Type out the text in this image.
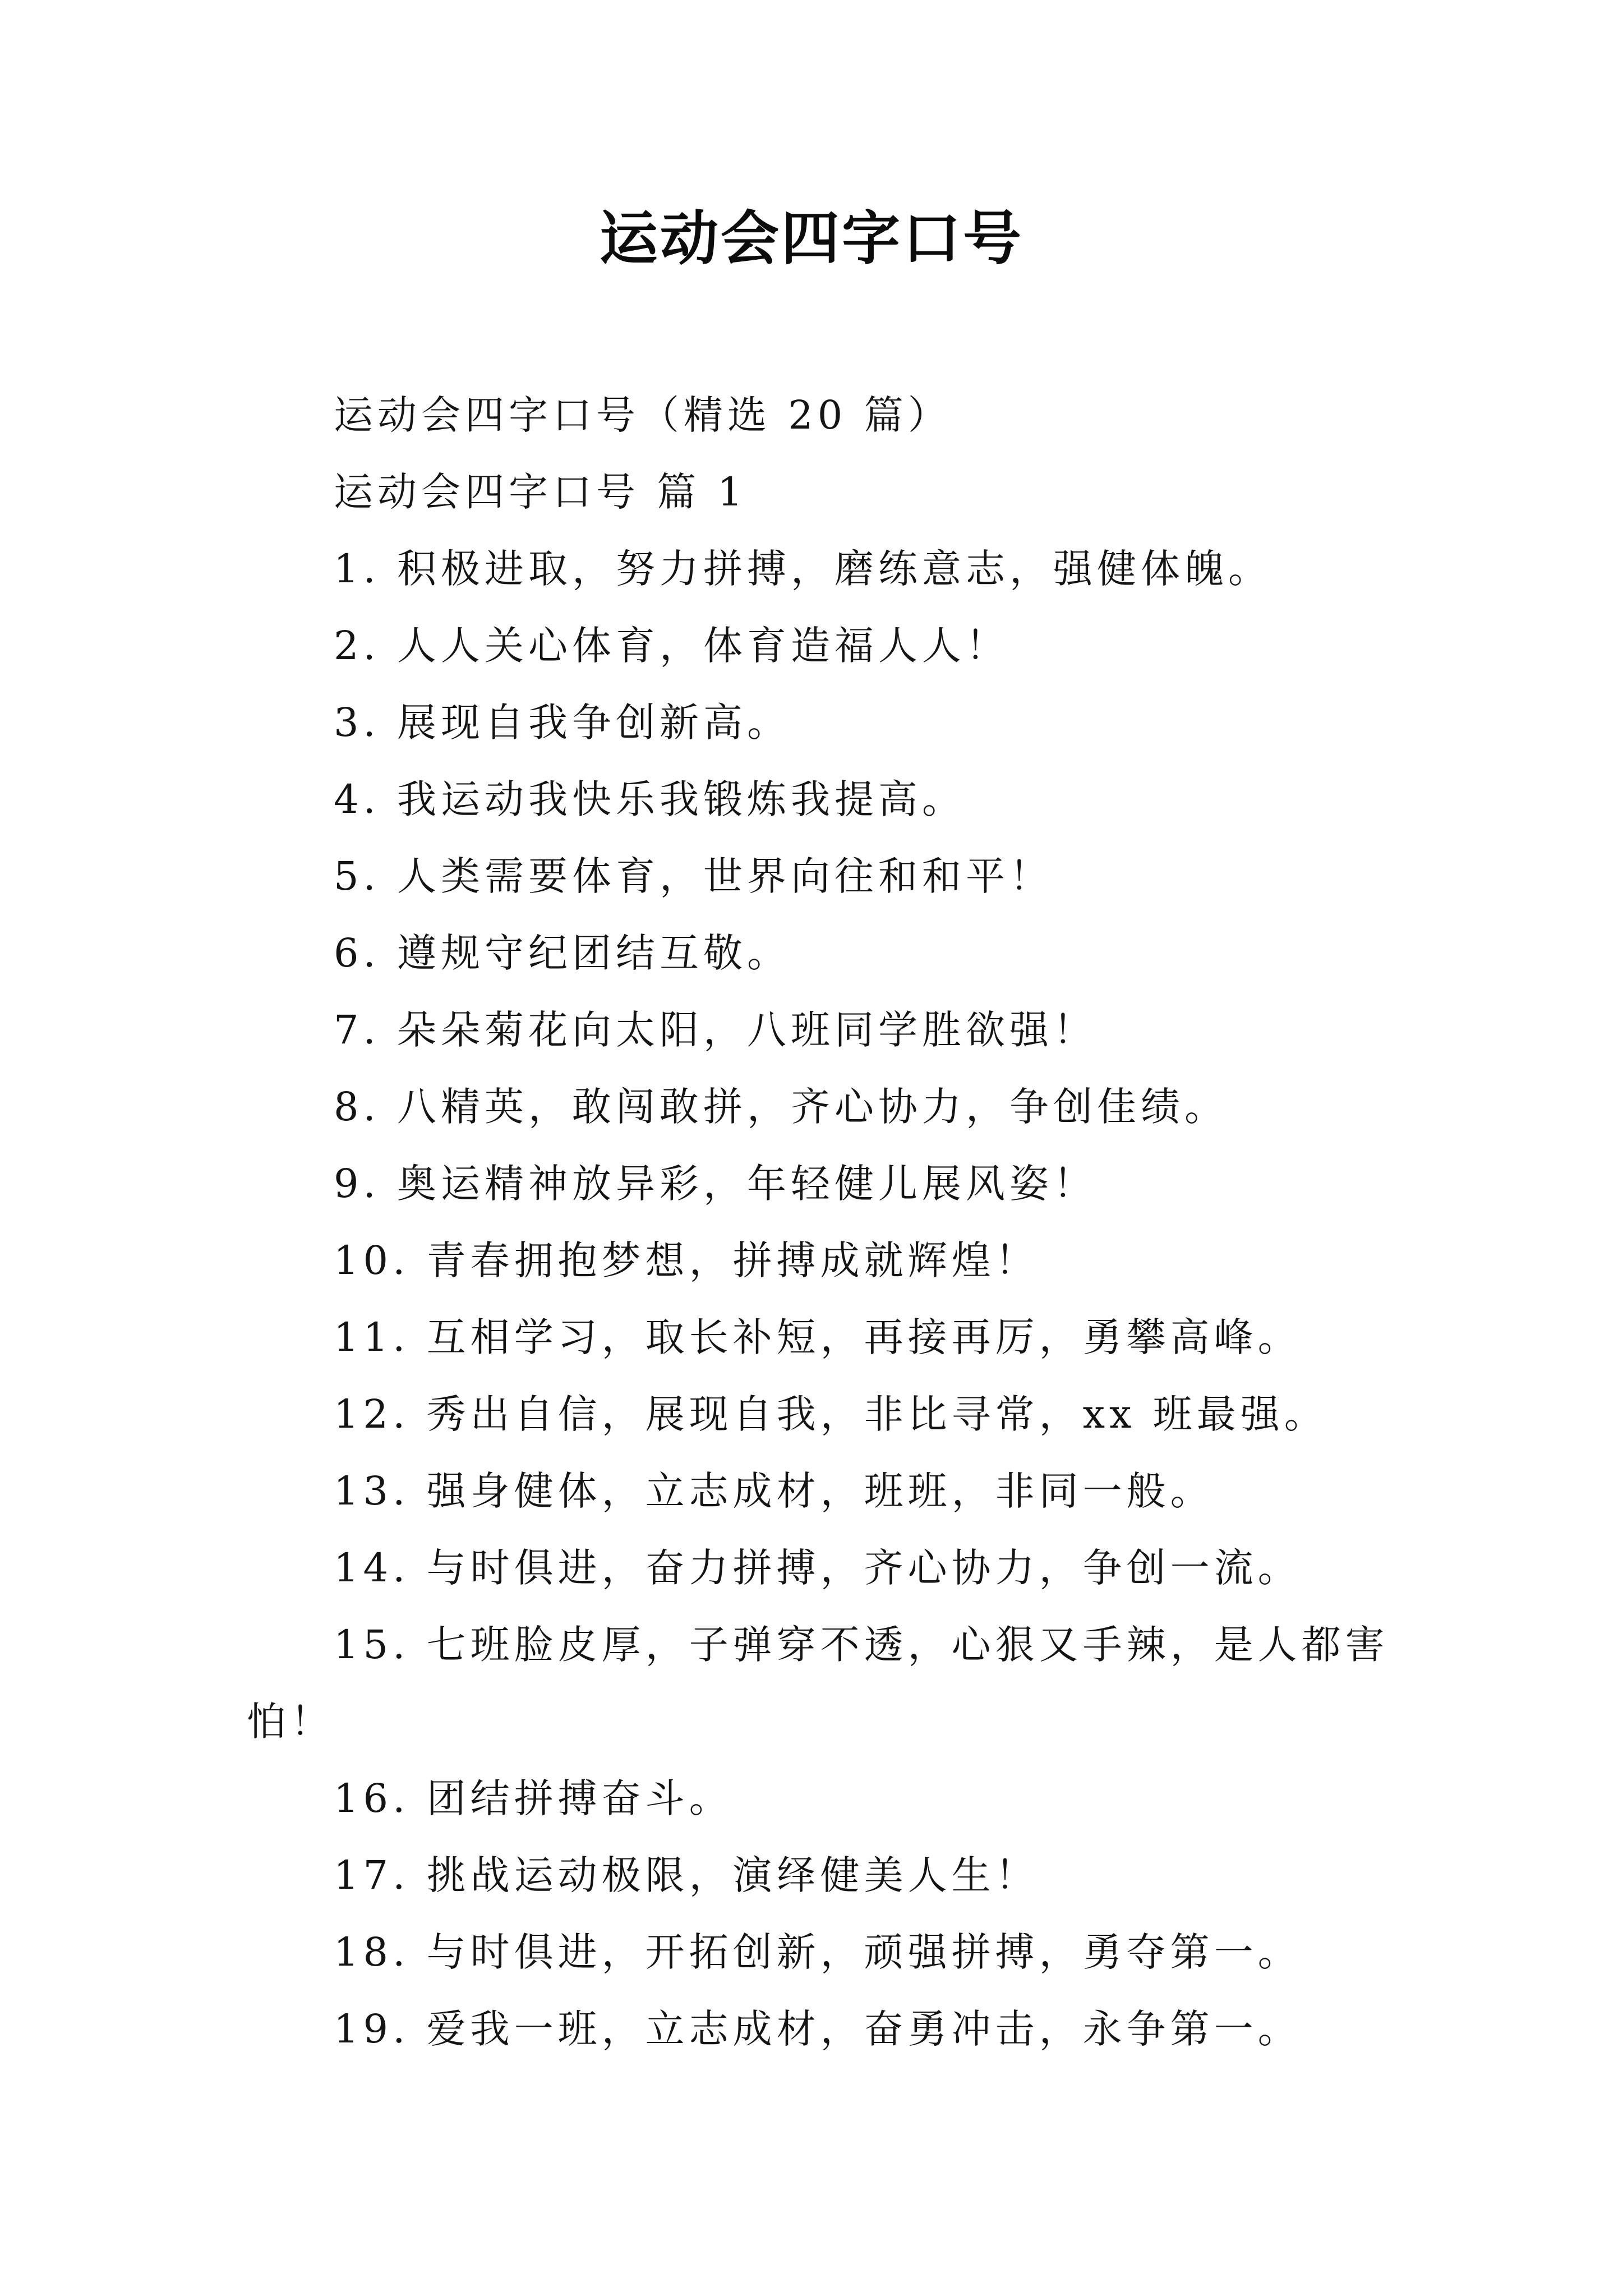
运动会四字口号
运动会四字口号（精选 20 篇）
运动会四字口号 篇 1
1. 积极进取，努力拼搏，磨练意志，强健体魄。
2. 人人关心体育，体育造福人人！
3. 展现自我争创新高。
4. 我运动我快乐我锻炼我提高。
5. 人类需要体育，世界向往和和平！
6. 遵规守纪团结互敬。
7. 朵朵菊花向太阳，八班同学胜欲强！
8. 八精英，敢闯敢拼，齐心协力，争创佳绩。
9. 奥运精神放异彩，年轻健儿展风姿！
10. 青春拥抱梦想，拼搏成就辉煌！
11. 互相学习，取长补短，再接再厉，勇攀高峰。
12. 秀出自信，展现自我，非比寻常，xx 班最强。
13. 强身健体，立志成材，班班，非同一般。
14. 与时俱进，奋力拼搏，齐心协力，争创一流。
15. 七班脸皮厚，子弹穿不透，心狠又手辣，是人都害
怕！
16. 团结拼搏奋斗。
17. 挑战运动极限，演绎健美人生！
18. 与时俱进，开拓创新，顽强拼搏，勇夺第一。
19. 爱我一班，立志成材，奋勇冲击，永争第一。
